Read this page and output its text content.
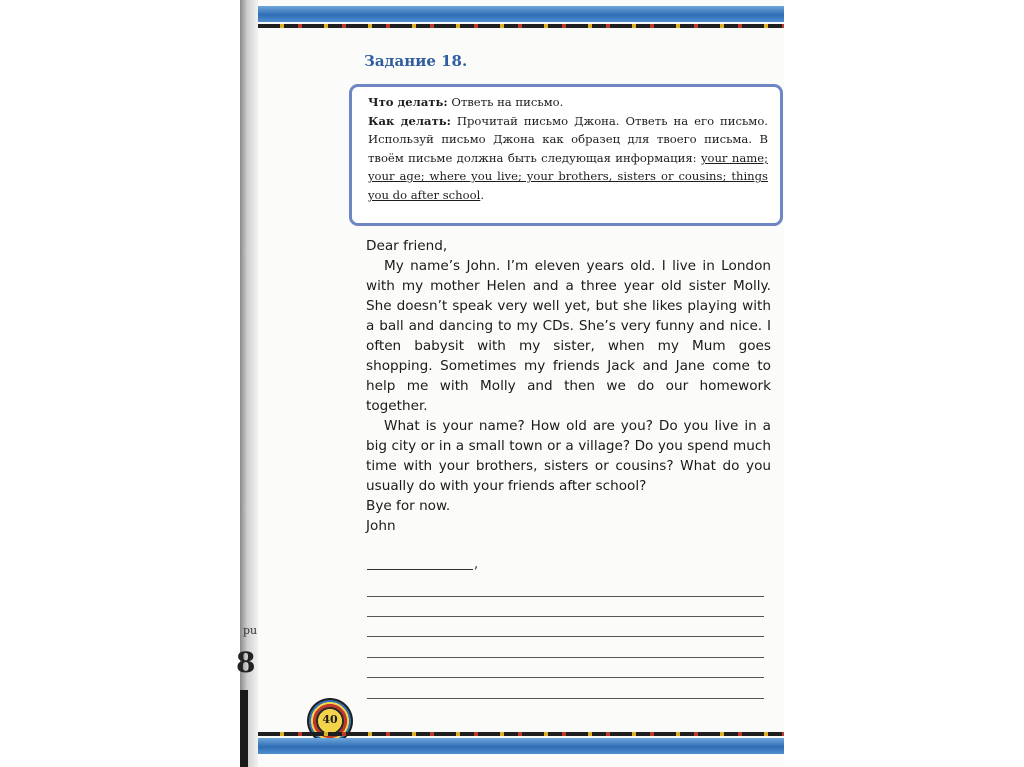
pu
8
Задание 18.
Что делать: Ответь на письмо.
Как делать: Прочитай письмо Джона. Ответь на его письмо. Используй письмо Джона как образец для твоего письма. В твоём письме должна быть следующая информация: your name; your age; where you live; your brothers, sisters or cousins; things you do after school.

Dear friend,

My name’s John. I’m eleven years old. I live in London with my mother Helen and a three year old sister Molly. She doesn’t speak very well yet, but she likes playing with a ball and dancing to my CDs. She’s very funny and nice. I often babysit with my sister, when my Mum goes shopping. Sometimes my friends Jack and Jane come to help me with Molly and then we do our homework together.

What is your name? How old are you? Do you live in a big city or in a small town or a village? Do you spend much time with your brothers, sisters or cousins? What do you usually do with your friends after school?

Bye for now.

John

,
40
